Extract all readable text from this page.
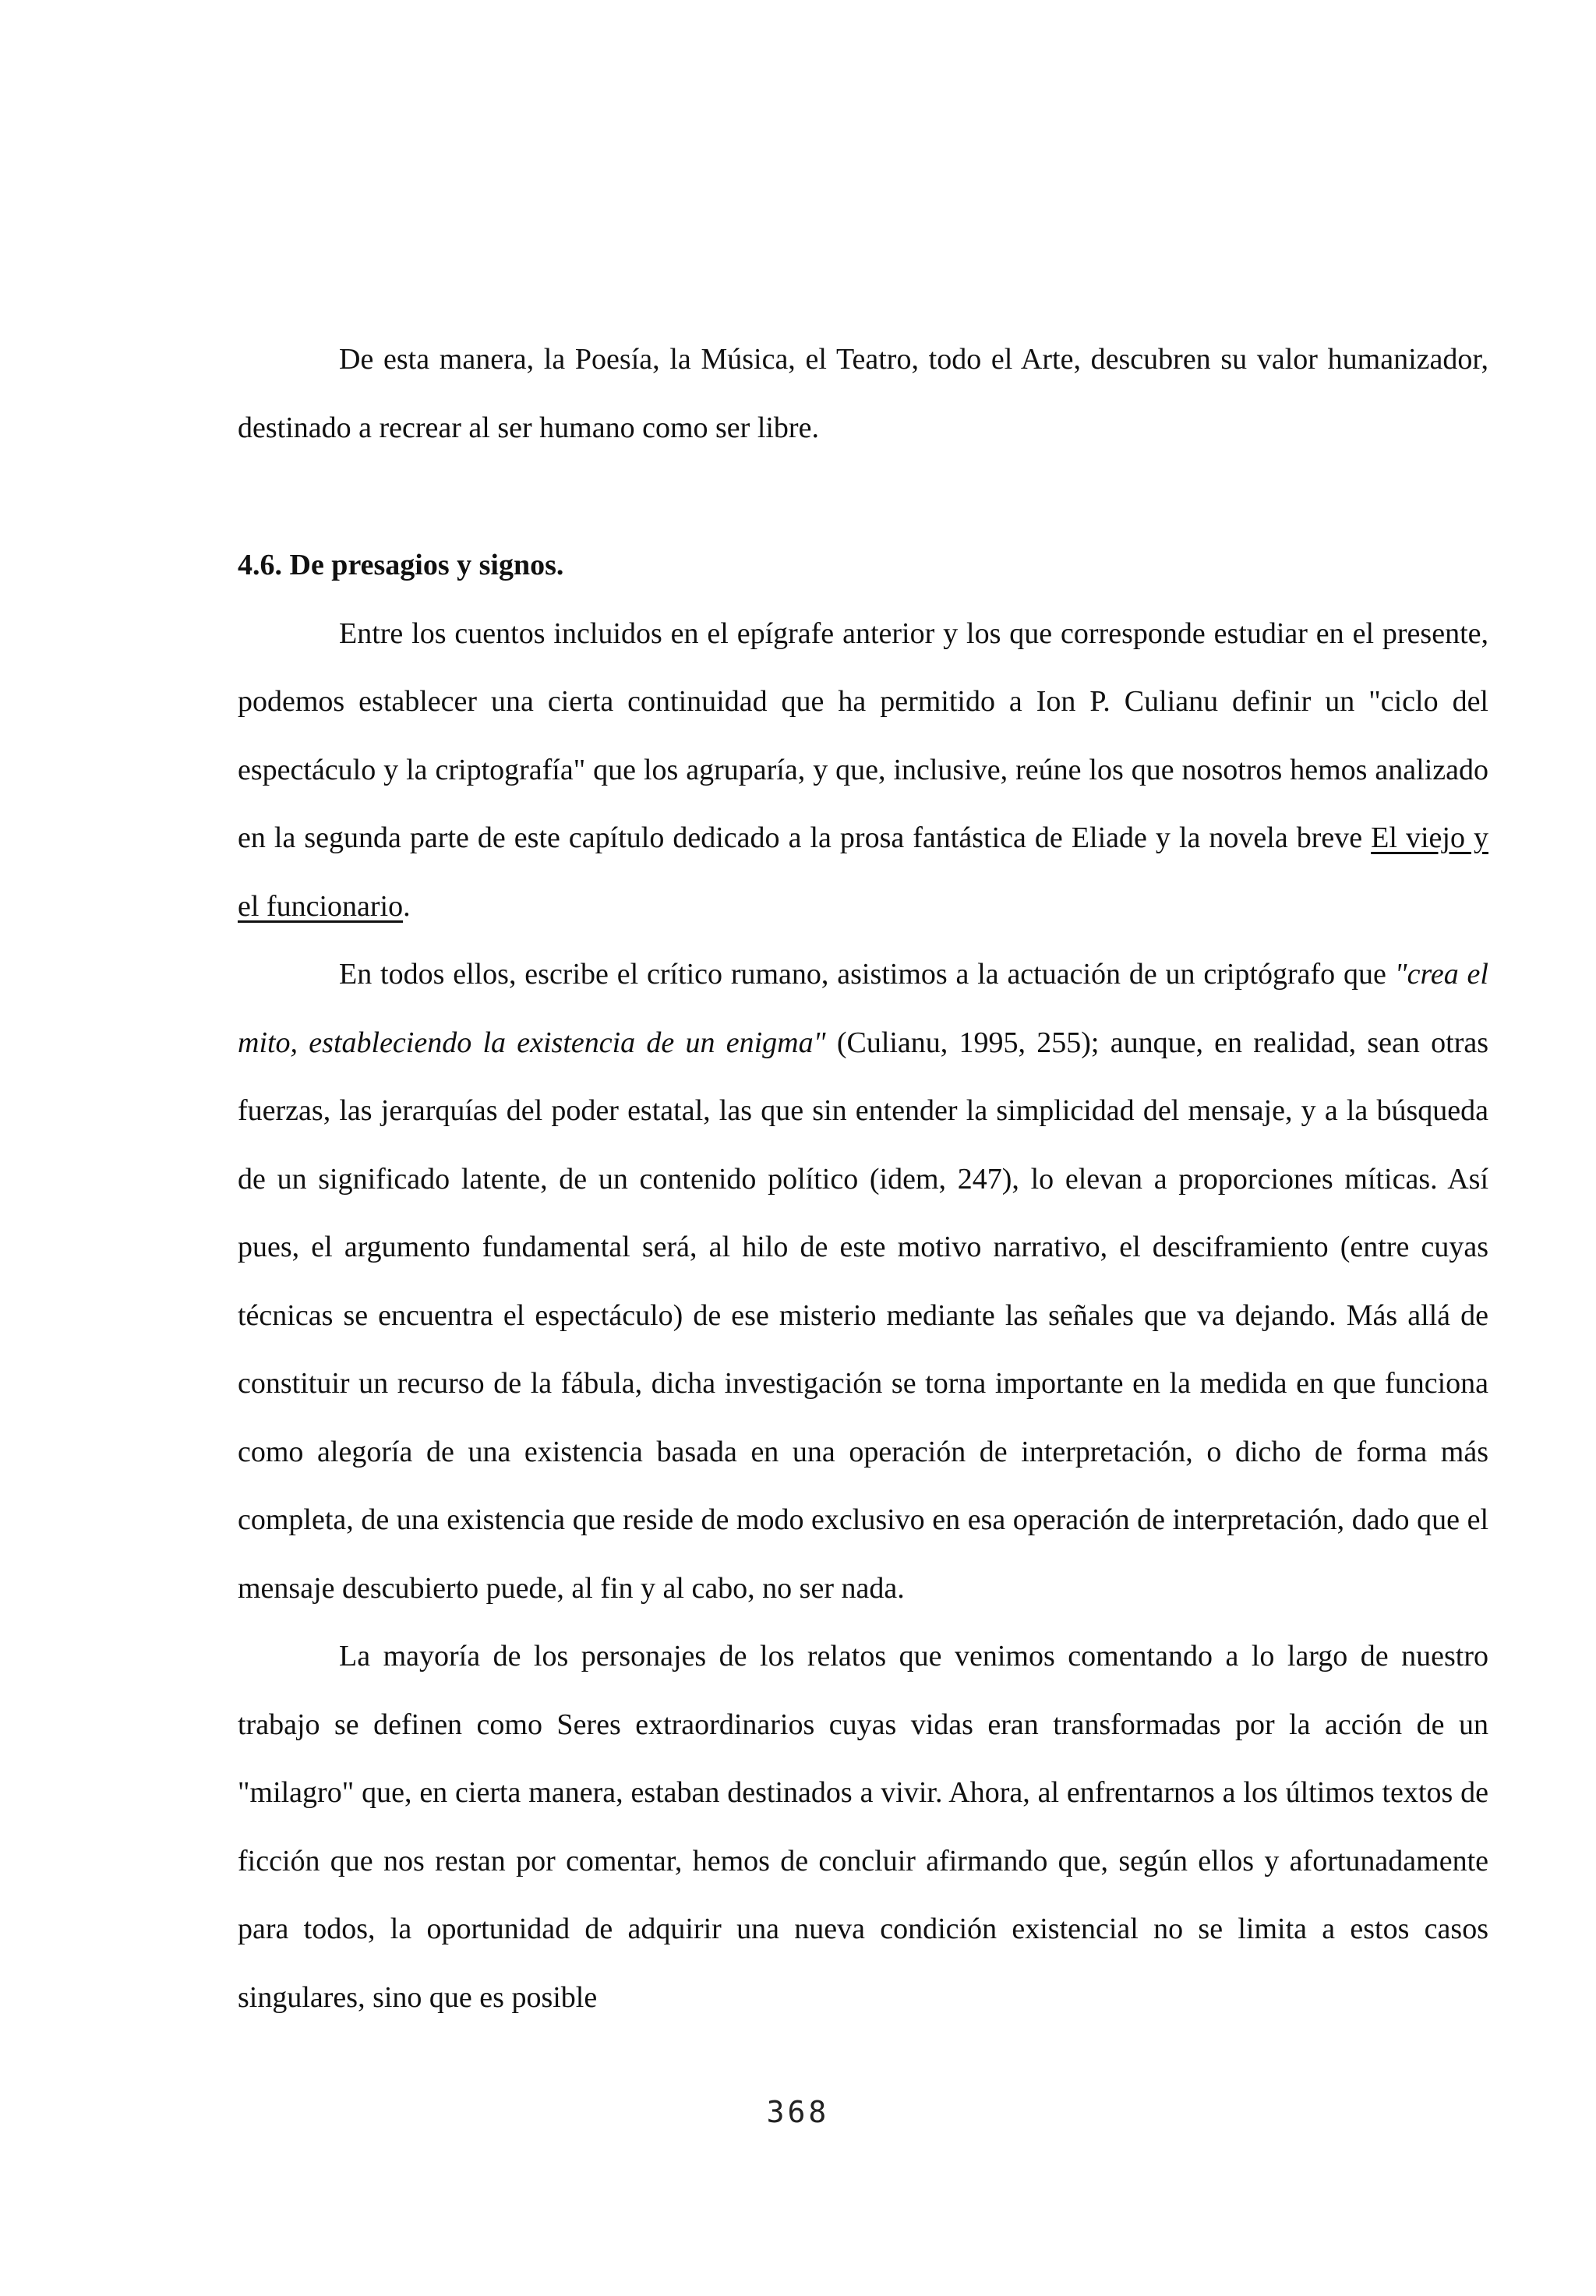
De esta manera, la Poesía, la Música, el Teatro, todo el Arte, descubren su valor humanizador, destinado a recrear al ser humano como ser libre.

4.6. De presagios y signos.

Entre los cuentos incluidos en el epígrafe anterior y los que corresponde estudiar en el presente, podemos establecer una cierta continuidad que ha permitido a Ion P. Culianu definir un "ciclo del espectáculo y la criptografía" que los agruparía, y que, inclusive, reúne los que nosotros hemos analizado en la segunda parte de este capítulo dedicado a la prosa fantástica de Eliade y la novela breve El viejo y el funcionario.

En todos ellos, escribe el crítico rumano, asistimos a la actuación de un criptógrafo que "crea el mito, estableciendo la existencia de un enigma" (Culianu, 1995, 255); aunque, en realidad, sean otras fuerzas, las jerarquías del poder estatal, las que sin entender la simplicidad del mensaje, y a la búsqueda de un significado latente, de un contenido político (idem, 247), lo elevan a proporciones míticas. Así pues, el argumento fundamental será, al hilo de este motivo narrativo, el desciframiento (entre cuyas técnicas se encuentra el espectáculo) de ese misterio mediante las señales que va dejando. Más allá de constituir un recurso de la fábula, dicha investigación se torna importante en la medida en que funciona como alegoría de una existencia basada en una operación de interpretación, o dicho de forma más completa, de una existencia que reside de modo exclusivo en esa operación de interpretación, dado que el mensaje descubierto puede, al fin y al cabo, no ser nada.

La mayoría de los personajes de los relatos que venimos comentando a lo largo de nuestro trabajo se definen como Seres extraordinarios cuyas vidas eran transformadas por la acción de un "milagro" que, en cierta manera, estaban destinados a vivir. Ahora, al enfrentarnos a los últimos textos de ficción que nos restan por comentar, hemos de concluir afirmando que, según ellos y afortunadamente para todos, la oportunidad de adquirir una nueva condición existencial no se limita a estos casos singulares, sino que es posible

368
